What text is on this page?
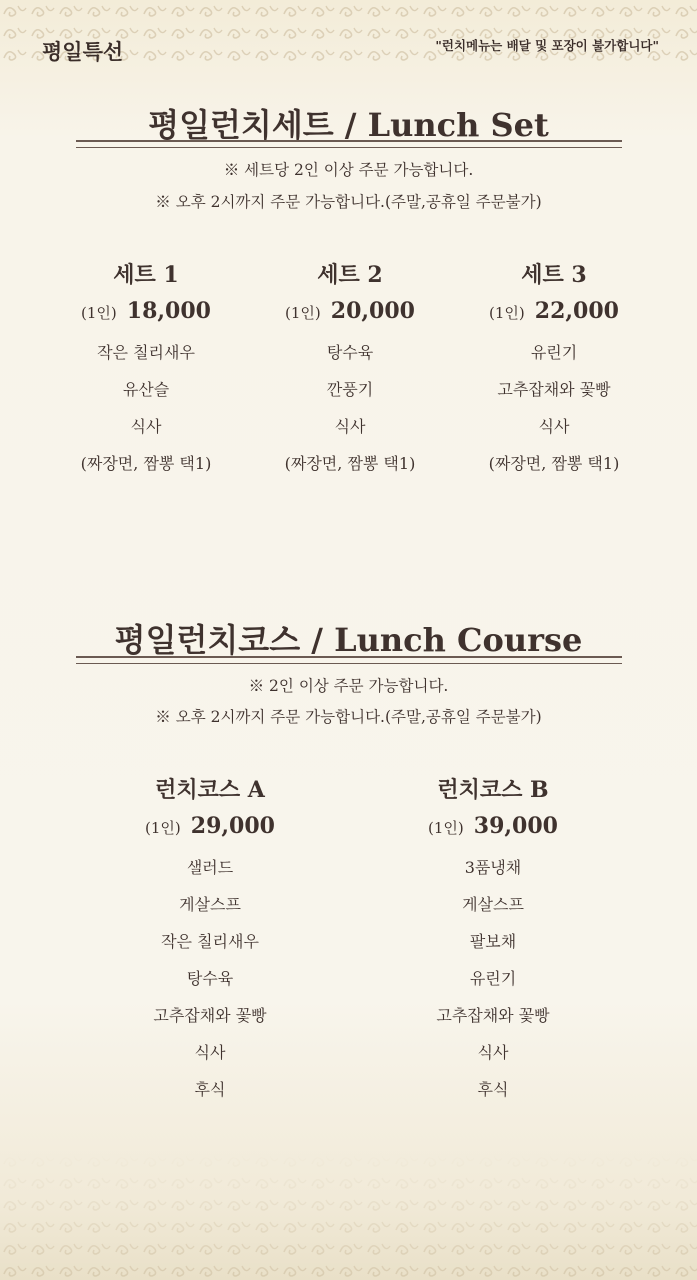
평일특선	"런치메뉴는 배달 및 포장이 불가합니다"
평일런치세트 / Lunch Set
※ 세트당 2인 이상 주문 가능합니다.
※ 오후 2시까지 주문 가능합니다.(주말,공휴일 주문불가)
세트 1
(1인) 18,000
작은 칠리새우
유산슬
식사
(짜장면, 짬뽕 택1)
세트 2
(1인) 20,000
탕수육
깐풍기
식사
(짜장면, 짬뽕 택1)
세트 3
(1인) 22,000
유린기
고추잡채와 꽃빵
식사
(짜장면, 짬뽕 택1)
평일런치코스 / Lunch Course
※ 2인 이상 주문 가능합니다.
※ 오후 2시까지 주문 가능합니다.(주말,공휴일 주문불가)
런치코스 A
(1인) 29,000
샐러드
게살스프
작은 칠리새우
탕수육
고추잡채와 꽃빵
식사
후식
런치코스 B
(1인) 39,000
3품냉채
게살스프
팔보채
유린기
고추잡채와 꽃빵
식사
후식
